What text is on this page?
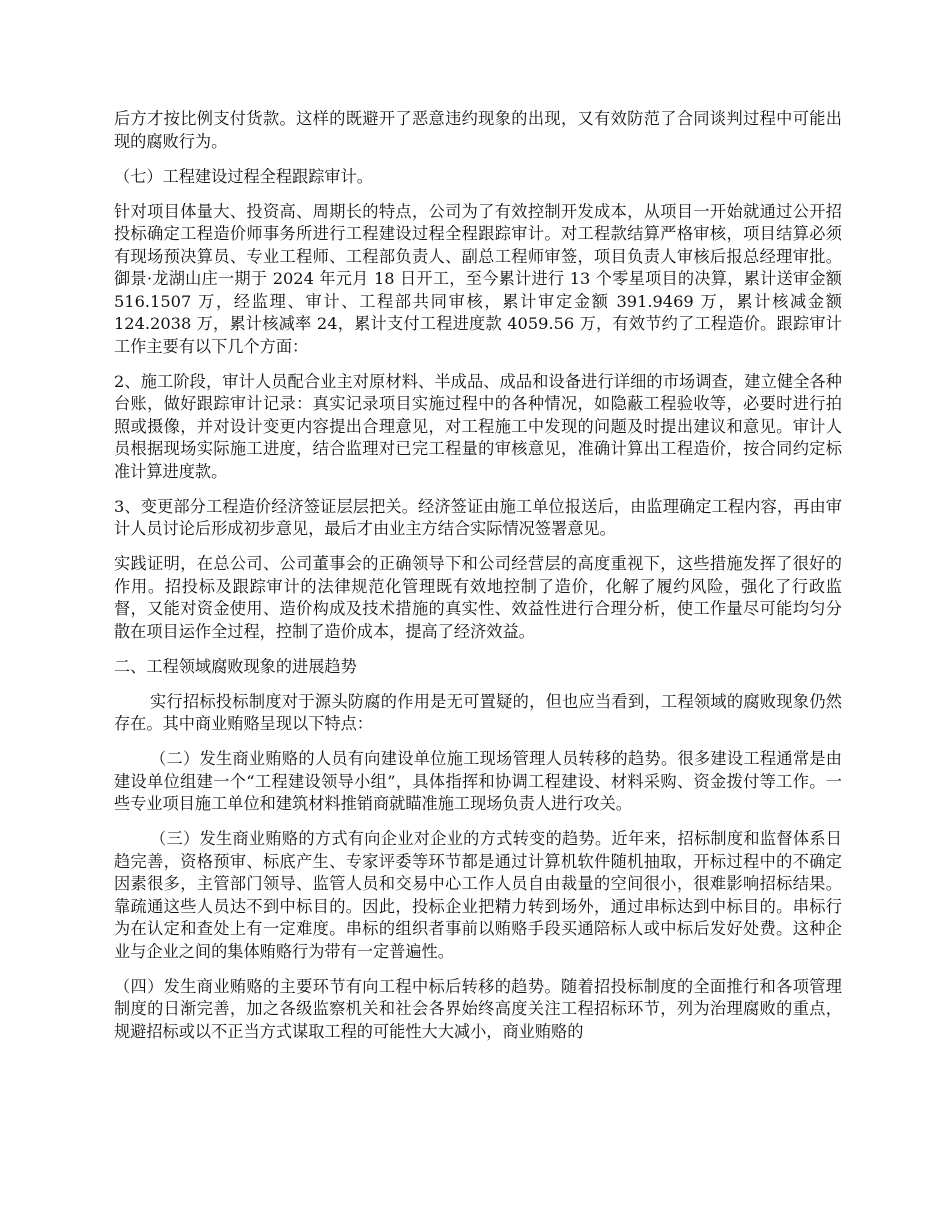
后方才按比例支付货款。这样的既避开了恶意违约现象的出现，又有效防范了合同谈判过程中可能出现的腐败行为。

（七）工程建设过程全程跟踪审计。

针对项目体量大、投资高、周期长的特点，公司为了有效控制开发成本，从项目一开始就通过公开招投标确定工程造价师事务所进行工程建设过程全程跟踪审计。对工程款结算严格审核，项目结算必须有现场预决算员、专业工程师、工程部负责人、副总工程师审签，项目负责人审核后报总经理审批。御景·龙湖山庄一期于 2024 年元月 18 日开工，至今累计进行 13 个零星项目的决算，累计送审金额 516.1507 万，经监理、审计、工程部共同审核，累计审定金额 391.9469 万，累计核减金额 124.2038 万，累计核减率 24，累计支付工程进度款 4059.56 万，有效节约了工程造价。跟踪审计工作主要有以下几个方面：

2、施工阶段，审计人员配合业主对原材料、半成品、成品和设备进行详细的市场调查，建立健全各种台账，做好跟踪审计记录：真实记录项目实施过程中的各种情况，如隐蔽工程验收等，必要时进行拍照或摄像，并对设计变更内容提出合理意见，对工程施工中发现的问题及时提出建议和意见。审计人员根据现场实际施工进度，结合监理对已完工程量的审核意见，准确计算出工程造价，按合同约定标准计算进度款。

3、变更部分工程造价经济签证层层把关。经济签证由施工单位报送后，由监理确定工程内容，再由审计人员讨论后形成初步意见，最后才由业主方结合实际情况签署意见。

实践证明，在总公司、公司董事会的正确领导下和公司经营层的高度重视下，这些措施发挥了很好的作用。招投标及跟踪审计的法律规范化管理既有效地控制了造价，化解了履约风险，强化了行政监督，又能对资金使用、造价构成及技术措施的真实性、效益性进行合理分析，使工作量尽可能均匀分散在项目运作全过程，控制了造价成本，提高了经济效益。

二、工程领域腐败现象的进展趋势

实行招标投标制度对于源头防腐的作用是无可置疑的，但也应当看到，工程领域的腐败现象仍然存在。其中商业贿赂呈现以下特点：

（二）发生商业贿赂的人员有向建设单位施工现场管理人员转移的趋势。很多建设工程通常是由建设单位组建一个“工程建设领导小组”，具体指挥和协调工程建设、材料采购、资金拨付等工作。一些专业项目施工单位和建筑材料推销商就瞄准施工现场负责人进行攻关。

（三）发生商业贿赂的方式有向企业对企业的方式转变的趋势。近年来，招标制度和监督体系日趋完善，资格预审、标底产生、专家评委等环节都是通过计算机软件随机抽取，开标过程中的不确定因素很多，主管部门领导、监管人员和交易中心工作人员自由裁量的空间很小，很难影响招标结果。靠疏通这些人员达不到中标目的。因此，投标企业把精力转到场外，通过串标达到中标目的。串标行为在认定和查处上有一定难度。串标的组织者事前以贿赂手段买通陪标人或中标后发好处费。这种企业与企业之间的集体贿赂行为带有一定普遍性。

（四）发生商业贿赂的主要环节有向工程中标后转移的趋势。随着招投标制度的全面推行和各项管理制度的日渐完善，加之各级监察机关和社会各界始终高度关注工程招标环节，列为治理腐败的重点，规避招标或以不正当方式谋取工程的可能性大大减小，商业贿赂的
